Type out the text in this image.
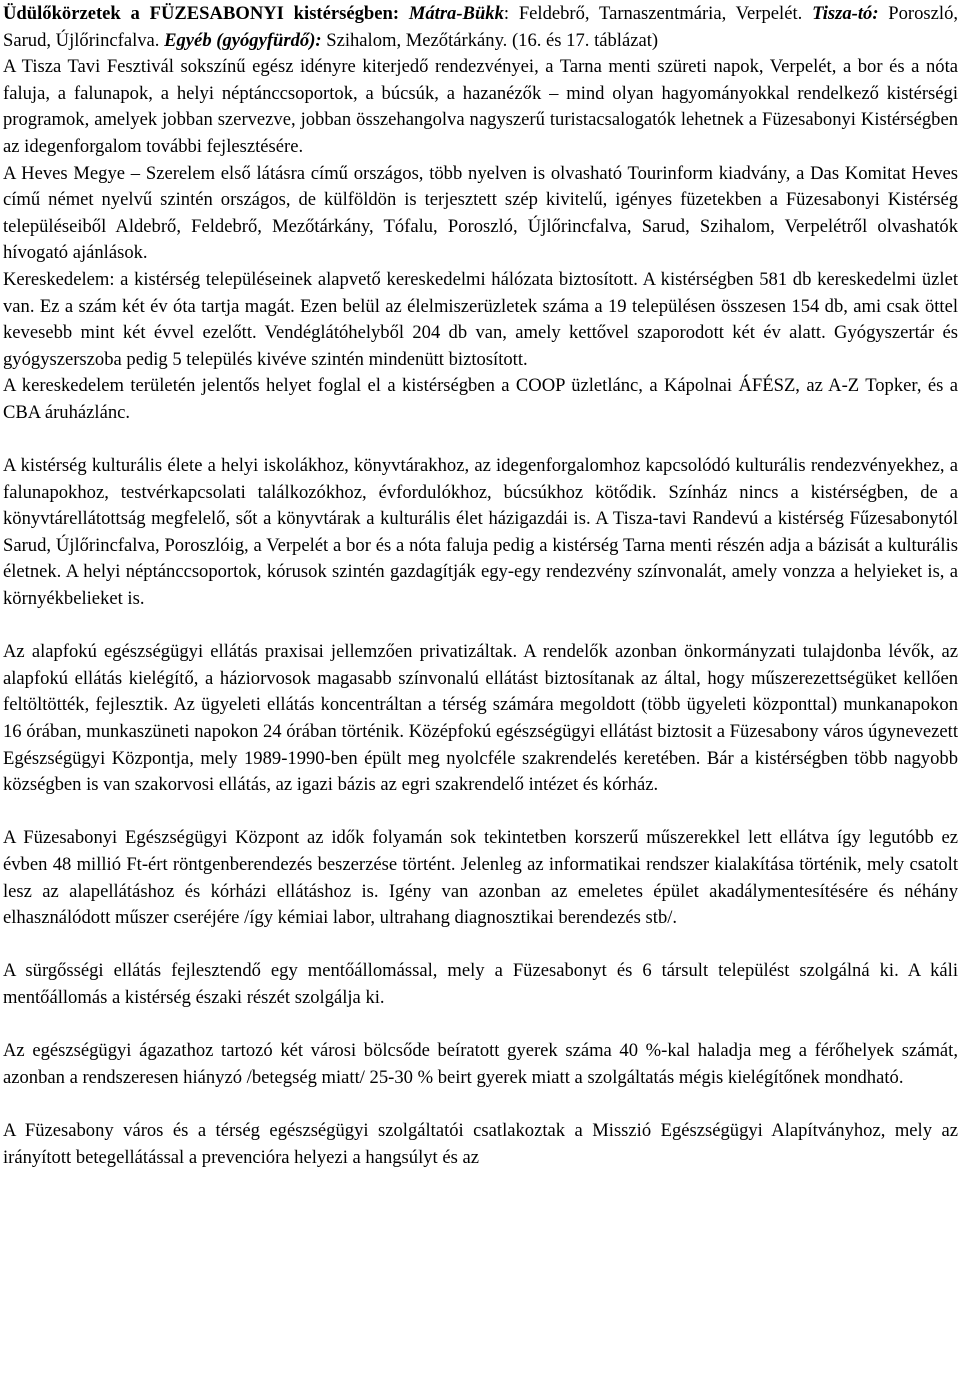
Üdülőkörzetek a FÜZESABONYI kistérségben: Mátra-Bükk: Feldebrő, Tarnaszentmária, Verpelét. Tisza-tó: Poroszló, Sarud, Újlőrincfalva. Egyéb (gyógyfürdő): Szihalom, Mezőtárkány. (16. és 17. táblázat)

A Tisza Tavi Fesztivál sokszínű egész idényre kiterjedő rendezvényei, a Tarna menti szüreti napok, Verpelét, a bor és a nóta faluja, a falunapok, a helyi néptánccsoportok, a búcsúk, a hazanézők – mind olyan hagyományokkal rendelkező kistérségi programok, amelyek jobban szervezve, jobban összehangolva nagyszerű turistacsalogatók lehetnek a Füzesabonyi Kistérségben az idegenforgalom további fejlesztésére.

A Heves Megye – Szerelem első látásra című országos, több nyelven is olvasható Tourinform kiadvány, a Das Komitat Heves című német nyelvű szintén országos, de külföldön is terjesztett szép kivitelű, igényes füzetekben a Füzesabonyi Kistérség településeiből Aldebrő, Feldebrő, Mezőtárkány, Tófalu, Poroszló, Újlőrincfalva, Sarud, Szihalom, Verpelétről olvashatók hívogató ajánlások.

Kereskedelem: a kistérség településeinek alapvető kereskedelmi hálózata biztosított. A kistérségben 581 db kereskedelmi üzlet van. Ez a szám két év óta tartja magát. Ezen belül az élelmiszerüzletek száma a 19 településen összesen 154 db, ami csak öttel kevesebb mint két évvel ezelőtt. Vendéglátóhelyből 204 db van, amely kettővel szaporodott két év alatt. Gyógyszertár és gyógyszerszoba pedig 5 település kivéve szintén mindenütt biztosított.

A kereskedelem területén jelentős helyet foglal el a kistérségben a COOP üzletlánc, a Kápolnai ÁFÉSZ, az A-Z Topker, és a CBA áruházlánc.

A kistérség kulturális élete a helyi iskolákhoz, könyvtárakhoz, az idegenforgalomhoz kapcsolódó kulturális rendezvényekhez, a falunapokhoz, testvérkapcsolati találkozókhoz, évfordulókhoz, búcsúkhoz kötődik. Színház nincs a kistérségben, de a könyvtárellátottság megfelelő, sőt a könyvtárak a kulturális élet házigazdái is. A Tisza-tavi Randevú a kistérség Fűzesabonytól Sarud, Újlőrincfalva, Poroszlóig, a Verpelét a bor és a nóta faluja pedig a kistérség Tarna menti részén adja a bázisát a kulturális életnek. A helyi néptánccsoportok, kórusok szintén gazdagítják egy-egy rendezvény színvonalát, amely vonzza a helyieket is, a környékbelieket is.

Az alapfokú egészségügyi ellátás praxisai jellemzően privatizáltak. A rendelők azonban önkormányzati tulajdonba lévők, az alapfokú ellátás kielégítő, a háziorvosok magasabb színvonalú ellátást biztosítanak az által, hogy műszerezettségüket kellően feltöltötték, fejlesztik. Az ügyeleti ellátás koncentráltan a térség számára megoldott (több ügyeleti központtal) munkanapokon 16 órában, munkaszüneti napokon 24 órában történik. Középfokú egészségügyi ellátást biztosit a Füzesabony város úgynevezett Egészségügyi Központja, mely 1989-1990-ben épült meg nyolcféle szakrendelés keretében. Bár a kistérségben több nagyobb községben is van szakorvosi ellátás, az igazi bázis az egri szakrendelő intézet és kórház.

A Füzesabonyi Egészségügyi Központ az idők folyamán sok tekintetben korszerű műszerekkel lett ellátva így legutóbb ez évben 48 millió Ft-ért röntgenberendezés beszerzése történt. Jelenleg az informatikai rendszer kialakítása történik, mely csatolt lesz az alapellátáshoz és kórházi ellátáshoz is. Igény van azonban az emeletes épület akadálymentesítésére és néhány elhasználódott műszer cseréjére /így kémiai labor, ultrahang diagnosztikai berendezés stb/.

A sürgősségi ellátás fejlesztendő egy mentőállomással, mely a Füzesabonyt és 6 társult települést szolgálná ki. A káli mentőállomás a kistérség északi részét szolgálja ki.

Az egészségügyi ágazathoz tartozó két városi bölcsőde beíratott gyerek száma 40 %-kal haladja meg a férőhelyek számát, azonban a rendszeresen hiányzó /betegség miatt/ 25-30 % beirt gyerek miatt a szolgáltatás mégis kielégítőnek mondható.

A Füzesabony város és a térség egészségügyi szolgáltatói csatlakoztak a Misszió Egészségügyi Alapítványhoz, mely az irányított betegellátással a prevencióra helyezi a hangsúlyt és az
